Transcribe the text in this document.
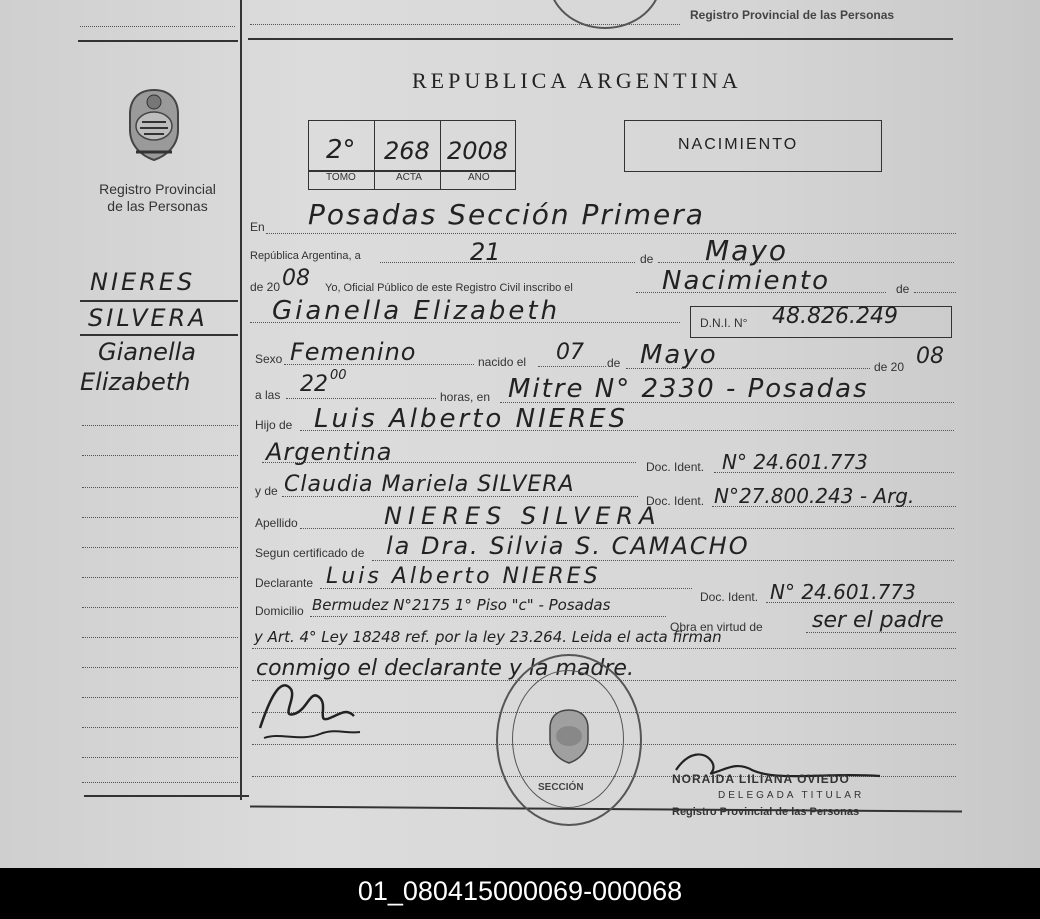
Registro Provincial de las Personas
Registro Provincial
de las Personas
NIERES
SILVERA
Gianella
Elizabeth
REPUBLICA ARGENTINA
2°
TOMO
268
ACTA
2008
AÑO
NACIMIENTO
En Posadas Sección Primera
República Argentina, a	21	de Mayo
de 20 08 Yo, Oficial Público de este Registro Civil inscribo el	Nacimiento	de
Gianella Elizabeth	D.N.I. N° 48.826.249
Sexo Femenino	nacido el 07 de Mayo	de 20 08
a las 22 00
horas, en Mitre N° 2330 - Posadas
Hijo de Luis Alberto NIERES
Argentina
Doc. Ident. N° 24.601.773
y de Claudia Mariela SILVERA
Doc. Ident. N°27.800.243 - Arg.
Apellido	NIERES SILVERA
Segun certificado de la Dra. Silvia S. CAMACHO
Declarante Luis Alberto NIERES
Doc. Ident. N° 24.601.773
Domicilio Bermudez N°2175 1° Piso "c" - Posadas
Obra en virtud de ser el padre
y Art. 4° Ley 18248 ref. por la ley 23.264. Leida el acta firman
conmigo el declarante y la madre.
SECCIÓN
NORAIDA LILIANA OVIEDO
DELEGADA TITULAR
Registro Provincial de las Personas
01_080415000069-000068
